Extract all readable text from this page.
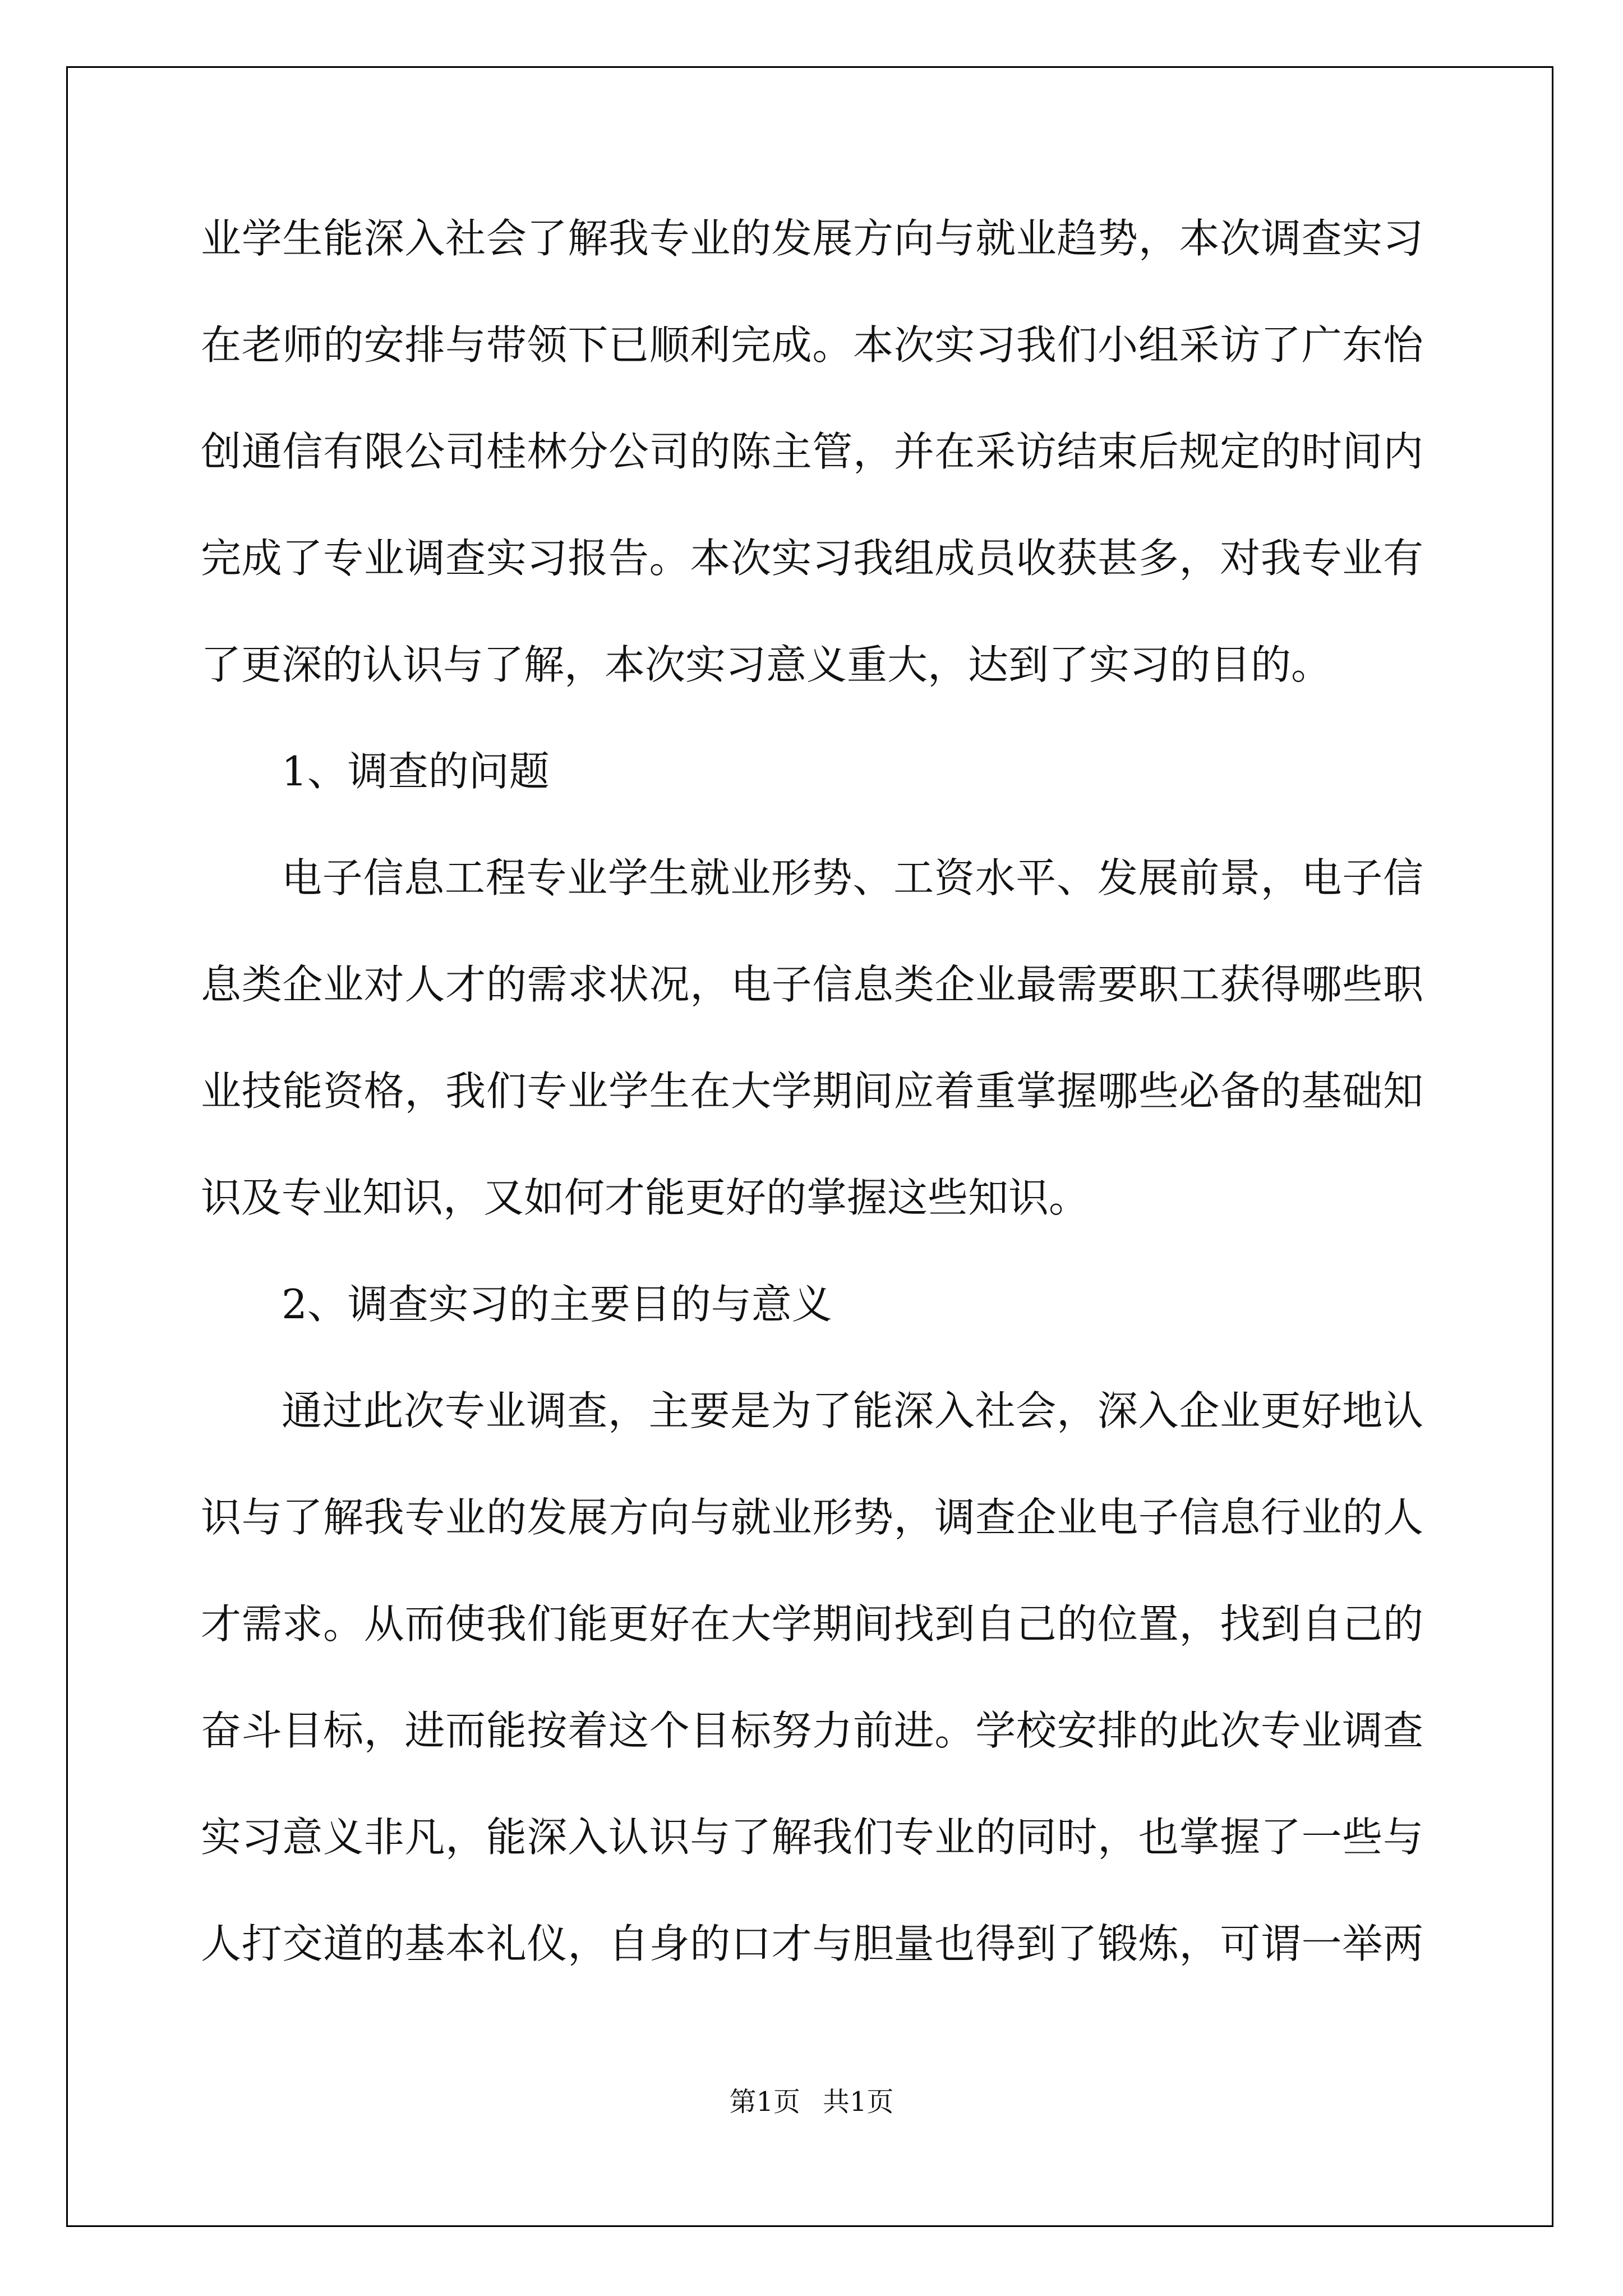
业学生能深入社会了解我专业的发展方向与就业趋势，本次调查实习
在老师的安排与带领下已顺利完成。本次实习我们小组采访了广东怡
创通信有限公司桂林分公司的陈主管，并在采访结束后规定的时间内
完成了专业调查实习报告。本次实习我组成员收获甚多，对我专业有
了更深的认识与了解，本次实习意义重大，达到了实习的目的。
1、调查的问题
电子信息工程专业学生就业形势、工资水平、发展前景，电子信
息类企业对人才的需求状况，电子信息类企业最需要职工获得哪些职
业技能资格，我们专业学生在大学期间应着重掌握哪些必备的基础知
识及专业知识，又如何才能更好的掌握这些知识。
2、调查实习的主要目的与意义
通过此次专业调查，主要是为了能深入社会，深入企业更好地认
识与了解我专业的发展方向与就业形势，调查企业电子信息行业的人
才需求。从而使我们能更好在大学期间找到自己的位置，找到自己的
奋斗目标，进而能按着这个目标努力前进。学校安排的此次专业调查
实习意义非凡，能深入认识与了解我们专业的同时，也掌握了一些与
人打交道的基本礼仪，自身的口才与胆量也得到了锻炼，可谓一举两
第1页 共1页
